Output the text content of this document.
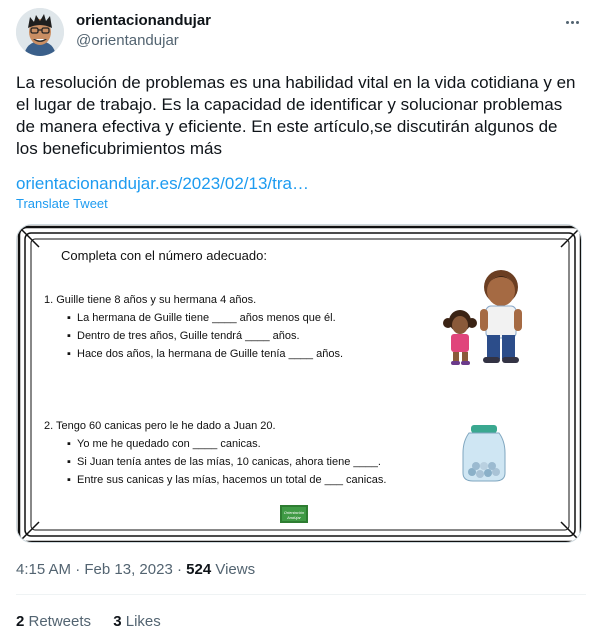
orientacionandujar
@orientandujar
La resolución de problemas es una habilidad vital en la vida cotidiana y en el lugar de trabajo. Es la capacidad de identificar y solucionar problemas de manera efectiva y eficiente. En este artículo,se discutirán algunos de los beneficubrimientos más
orientacionandujar.es/2023/02/13/tra…
Translate Tweet
Completa con el número adecuado:
1. Guille tiene 8 años y su hermana 4 años.
▪ La hermana de Guille tiene ____ años menos que él.
▪ Dentro de tres años, Guille tendrá ____ años.
▪ Hace dos años, la hermana de Guille tenía ____ años.
2. Tengo 60 canicas pero le he dado a Juan 20.
▪ Yo me he quedado con ____ canicas.
▪ Si Juan tenía antes de las mías, 10 canicas, ahora tiene ____.
▪ Entre sus canicas y las mías, hacemos un total de ___ canicas.
Orientación
Andújar
4:15 AM · Feb 13, 2023 · 524 Views
2 Retweets 3 Likes
